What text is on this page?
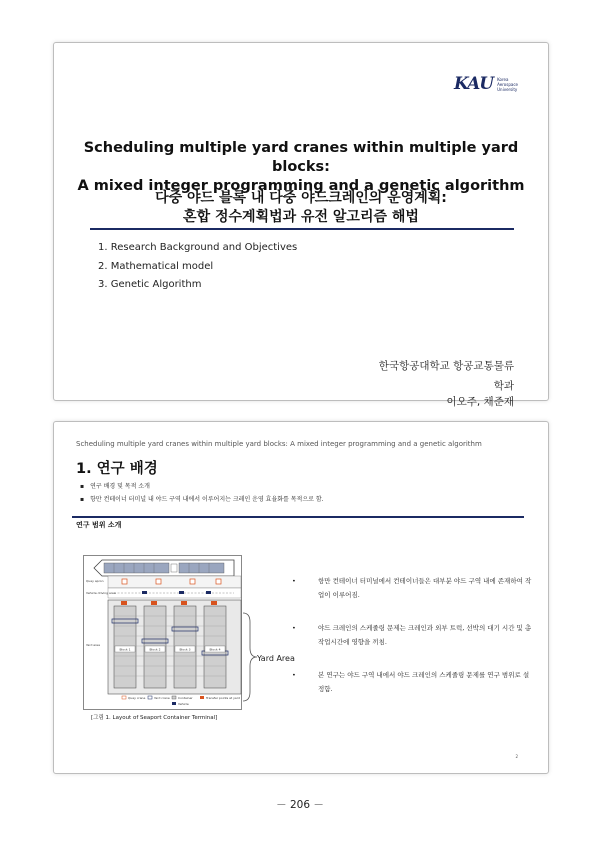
KAU Korea
Aerospace
University
Scheduling multiple yard cranes within multiple yard blocks:
A mixed integer programming and a genetic algorithm
다중 야드 블록 내 다중 야드크레인의 운영계획:
혼합 정수계획법과 유전 알고리즘 해법
1. Research Background and Objectives
2. Mathematical model
3. Genetic Algorithm
한국항공대학교 항공교통물류
학과
이오주, 채준재
Scheduling multiple yard cranes within multiple yard blocks: A mixed integer programming and a genetic algorithm
1. 연구 배경
▪ 연구 배경 및 목적 소개
▪ 항만 컨테이너 터미널 내 야드 구역 내에서 이루어지는 크레인 운영 효율화를 목적으로 함.
연구 범위 소개
Block 1	Block 2	Block 3	Block 4
Quay apron
Vehicle driving area
Yard area
Quay crane	Yard crane	Container
Vehicle
Transfer points at yard
Yard Area
[그림 1. Layout of Seaport Container Terminal]
• 항만 컨테이너 터미널에서 컨테이너들은 대부분 야드 구역 내에 존재하여 작업이 이루어짐.
• 야드 크레인의 스케줄링 문제는 크레인과 외부 트럭, 선박의 대기 시간 및 총 작업시간에 영향을 끼침.
• 본 연구는 야드 구역 내에서 야드 크레인의 스케줄링 문제를 연구 범위로 설정함.
2
－ 206 －
